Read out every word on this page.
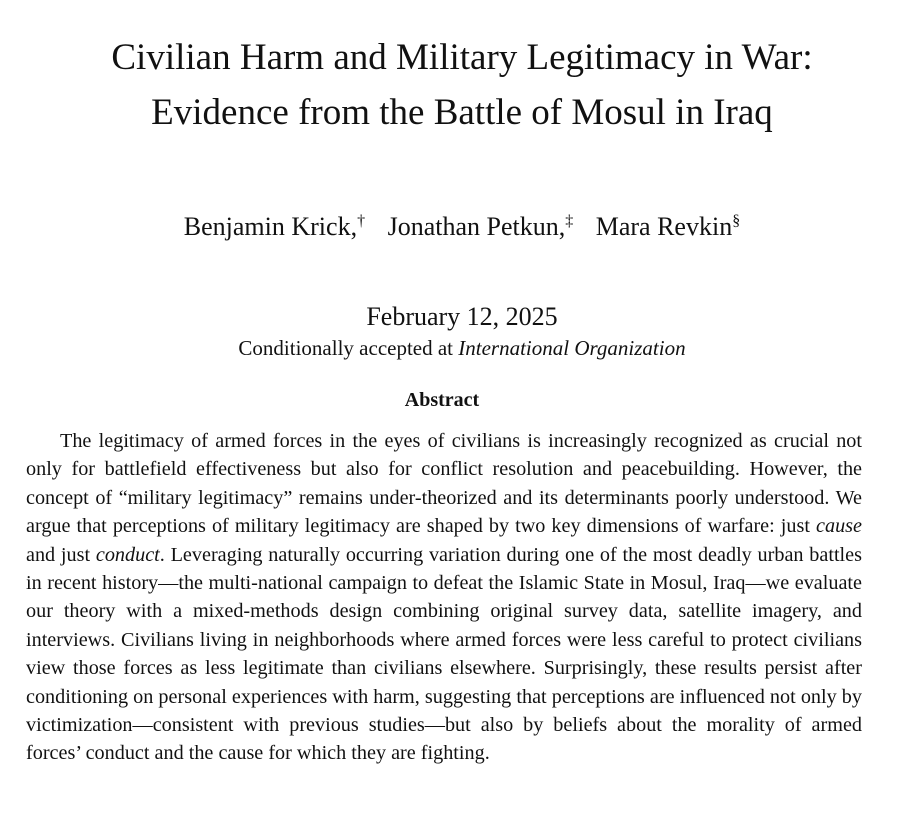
Civilian Harm and Military Legitimacy in War:
Evidence from the Battle of Mosul in Iraq
Benjamin Krick,† Jonathan Petkun,‡ Mara Revkin§
February 12, 2025
Conditionally accepted at International Organization
Abstract

The legitimacy of armed forces in the eyes of civilians is increasingly recognized as crucial not only for battlefield effectiveness but also for conflict resolution and peacebuilding. However, the concept of “military legitimacy” remains under-theorized and its determinants poorly understood. We argue that perceptions of military legitimacy are shaped by two key dimensions of warfare: just cause and just conduct. Leveraging naturally occurring variation during one of the most deadly urban battles in recent history—the multi-national campaign to defeat the Islamic State in Mosul, Iraq—we evaluate our theory with a mixed-methods design combining original survey data, satellite imagery, and interviews. Civilians living in neighborhoods where armed forces were less careful to protect civilians view those forces as less legitimate than civilians elsewhere. Surprisingly, these results persist after conditioning on personal experiences with harm, suggesting that perceptions are influenced not only by victimization—consistent with previous studies—but also by beliefs about the morality of armed forces’ conduct and the cause for which they are fighting.
